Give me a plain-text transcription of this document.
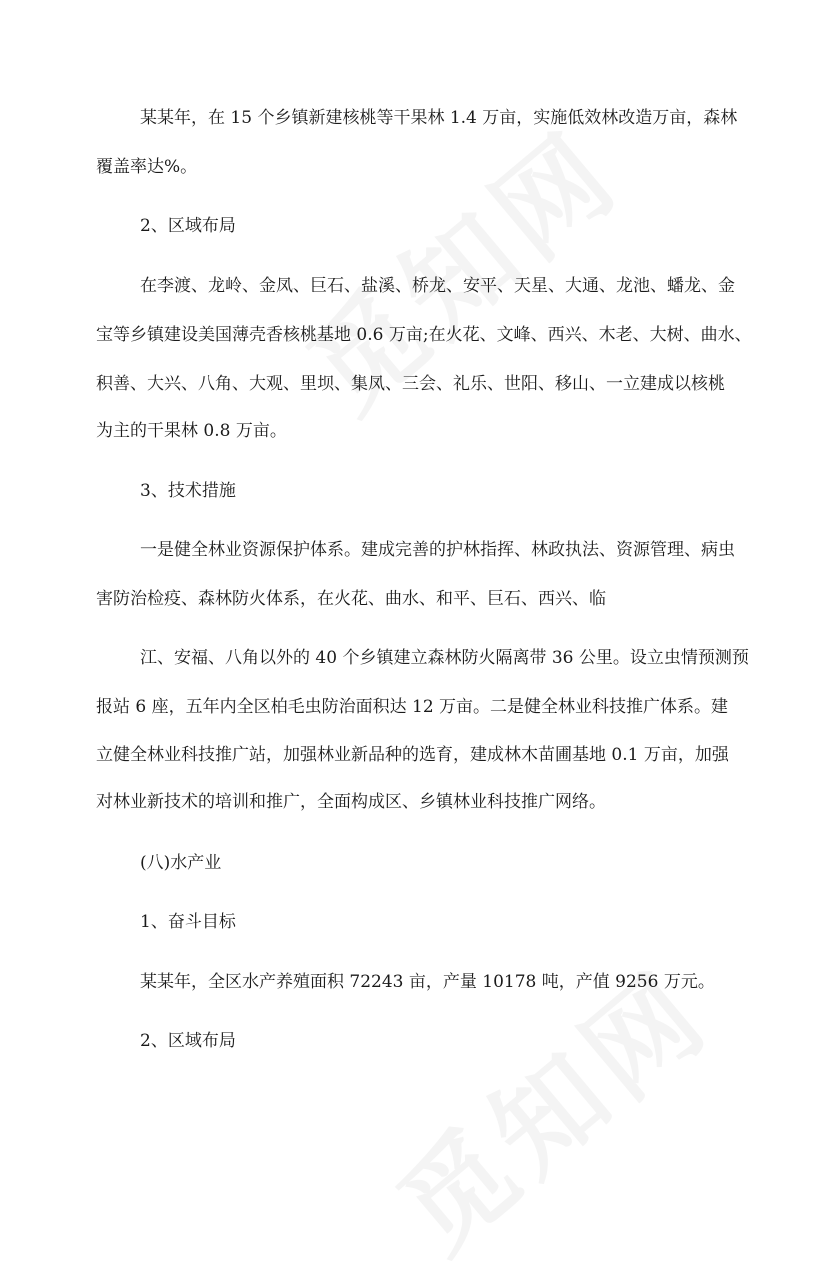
某某年，在 15 个乡镇新建核桃等干果林 1.4 万亩，实施低效林改造万亩，森林
覆盖率达%。
2、区域布局
在李渡、龙岭、金凤、巨石、盐溪、桥龙、安平、天星、大通、龙池、蟠龙、金
宝等乡镇建设美国薄壳香核桃基地 0.6 万亩;在火花、文峰、西兴、木老、大树、曲水、
积善、大兴、八角、大观、里坝、集凤、三会、礼乐、世阳、移山、一立建成以核桃
为主的干果林 0.8 万亩。
3、技术措施
一是健全林业资源保护体系。建成完善的护林指挥、林政执法、资源管理、病虫
害防治检疫、森林防火体系，在火花、曲水、和平、巨石、西兴、临
江、安福、八角以外的 40 个乡镇建立森林防火隔离带 36 公里。设立虫情预测预
报站 6 座，五年内全区柏毛虫防治面积达 12 万亩。二是健全林业科技推广体系。建
立健全林业科技推广站，加强林业新品种的选育，建成林木苗圃基地 0.1 万亩，加强
对林业新技术的培训和推广，全面构成区、乡镇林业科技推广网络。
(八)水产业
1、奋斗目标
某某年，全区水产养殖面积 72243 亩，产量 10178 吨，产值 9256 万元。
2、区域布局
